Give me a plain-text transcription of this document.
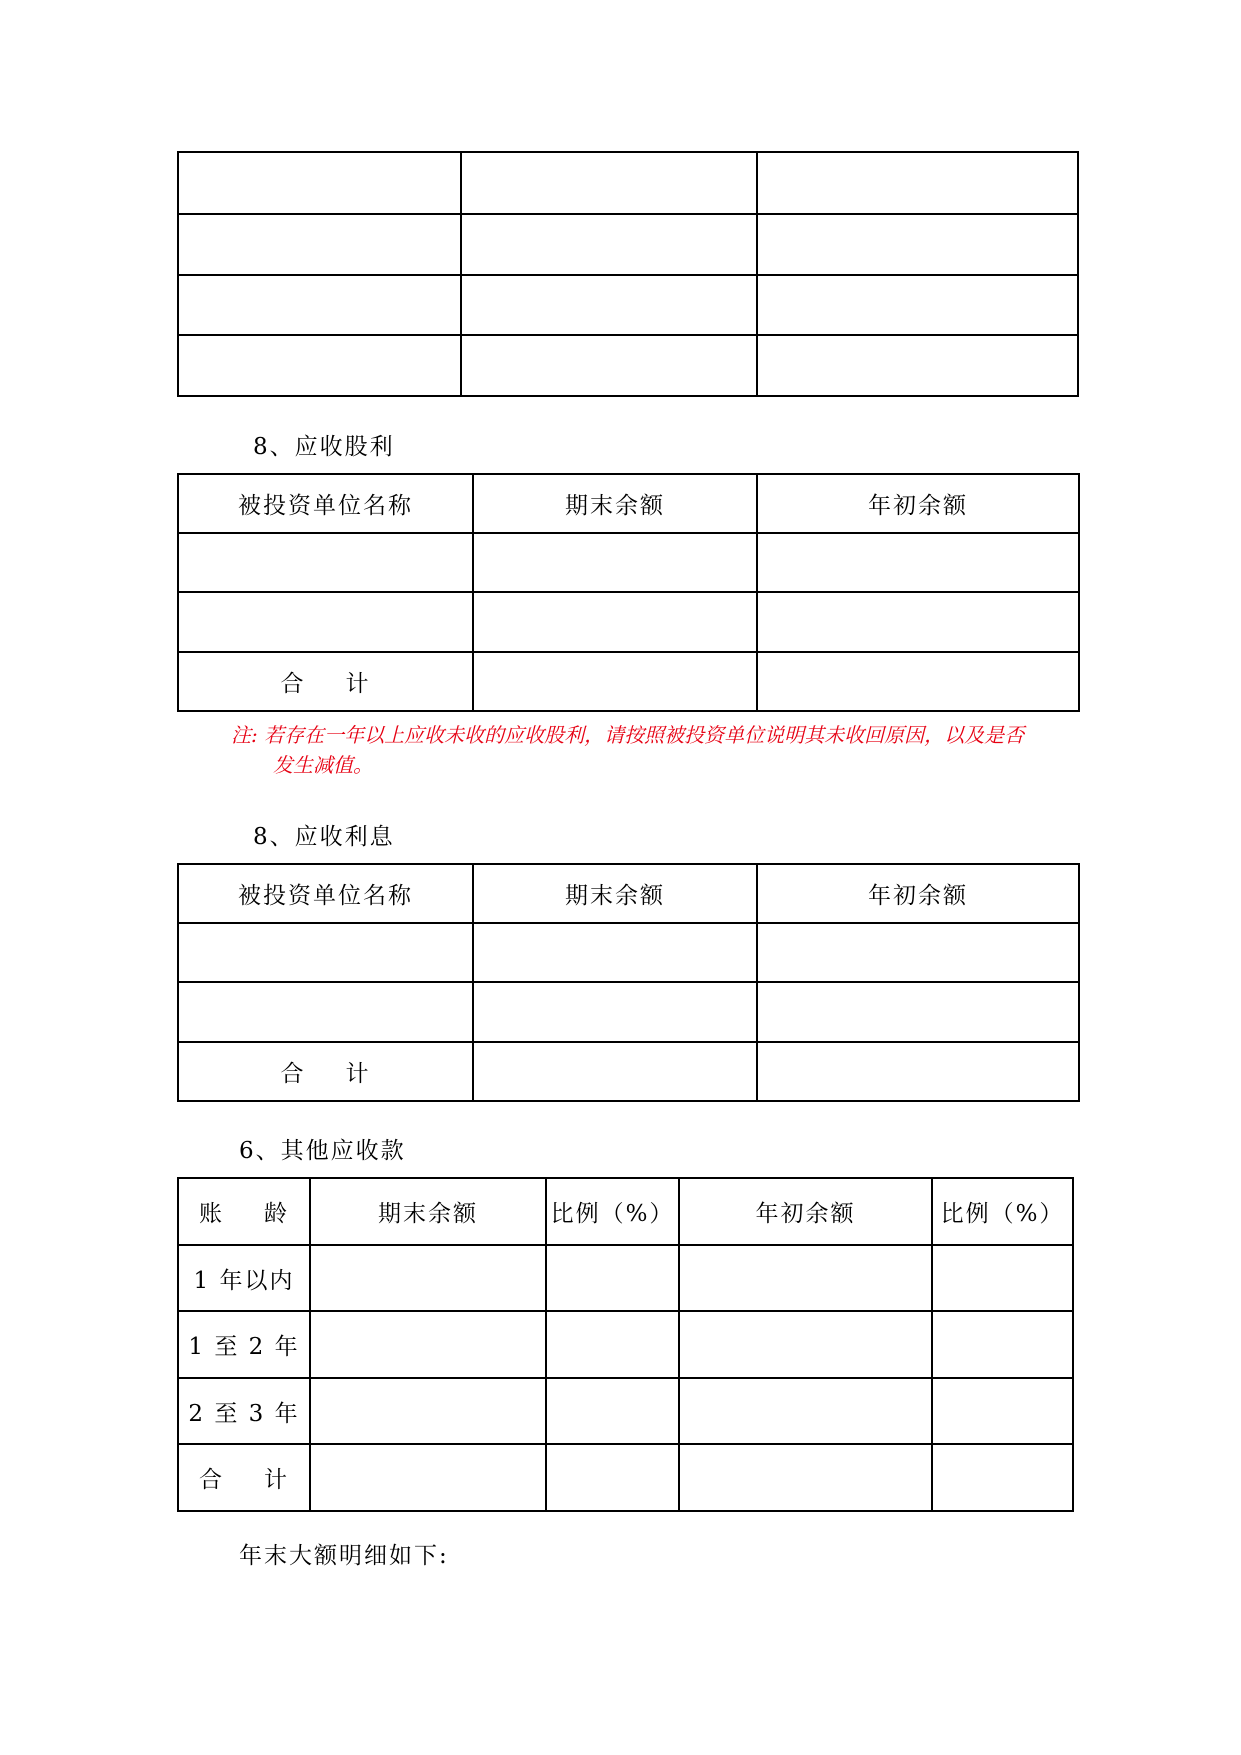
8、应收股利
被投资单位名称	期末余额	年初余额

合 计		
注: 若存在一年以上应收未收的应收股利，请按照被投资单位说明其未收回原因，以及是否
发生减值。
8、应收利息
被投资单位名称	期末余额	年初余额

合 计		
6、其他应收款
账 龄	期末余额	比例（%）	年初余额	比例（%）
1 年以内				
1 至 2 年				
2 至 3 年				
合 计				
年末大额明细如下:
